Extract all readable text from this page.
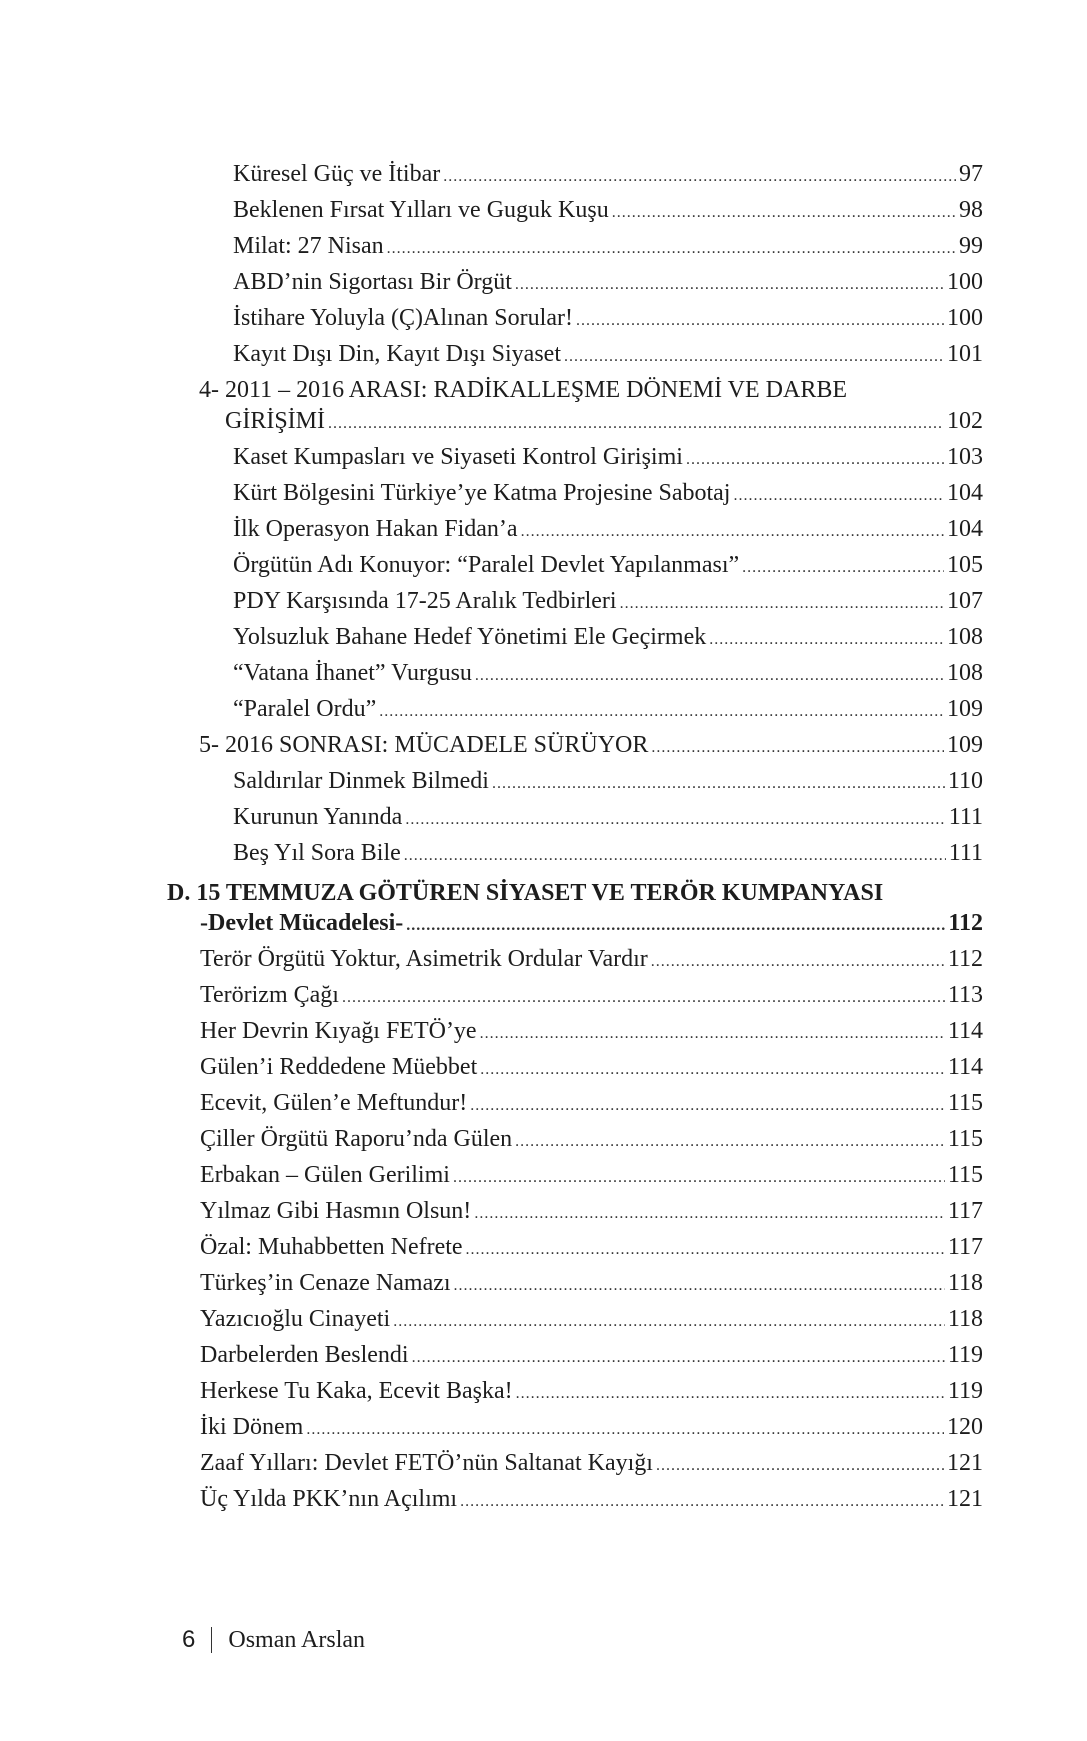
Küresel Güç ve İtibar .....	97
Beklenen Fırsat Yılları ve Guguk Kuşu .....	98
Milat: 27 Nisan .....	99
ABD’nin Sigortası Bir Örgüt .....	100
İstihare Yoluyla (Ç)Alınan Sorular! .....	100
Kayıt Dışı Din, Kayıt Dışı Siyaset .....	101
4- 2011 – 2016 ARASI: RADİKALLEŞME DÖNEMİ VE DARBE
GİRİŞİMİ .....	102
Kaset Kumpasları ve Siyaseti Kontrol Girişimi .....	103
Kürt Bölgesini Türkiye’ye Katma Projesine Sabotaj .....	104
İlk Operasyon Hakan Fidan’a .....	104
Örgütün Adı Konuyor: “Paralel Devlet Yapılanması” .....	105
PDY Karşısında 17-25 Aralık Tedbirleri .....	107
Yolsuzluk Bahane Hedef Yönetimi Ele Geçirmek .....	108
“Vatana İhanet” Vurgusu .....	108
“Paralel Ordu” .....	109
5- 2016 SONRASI: MÜCADELE SÜRÜYOR .....	109
Saldırılar Dinmek Bilmedi .....	110
Kurunun Yanında .....	111
Beş Yıl Sora Bile .....	111
D. 15 TEMMUZA GÖTÜREN SİYASET VE TERÖR KUMPANYASI
-Devlet Mücadelesi- .....	112
Terör Örgütü Yoktur, Asimetrik Ordular Vardır .....	112
Terörizm Çağı .....	113
Her Devrin Kıyağı FETÖ’ye .....	114
Gülen’i Reddedene Müebbet .....	114
Ecevit, Gülen’e Meftundur! .....	115
Çiller Örgütü Raporu’nda Gülen .....	115
Erbakan – Gülen Gerilimi .....	115
Yılmaz Gibi Hasmın Olsun! .....	117
Özal: Muhabbetten Nefrete .....	117
Türkeş’in Cenaze Namazı .....	118
Yazıcıoğlu Cinayeti .....	118
Darbelerden Beslendi .....	119
Herkese Tu Kaka, Ecevit Başka! .....	119
İki Dönem .....	120
Zaaf Yılları: Devlet FETÖ’nün Saltanat Kayığı .....	121
Üç Yılda PKK’nın Açılımı .....	121
6 Osman Arslan
